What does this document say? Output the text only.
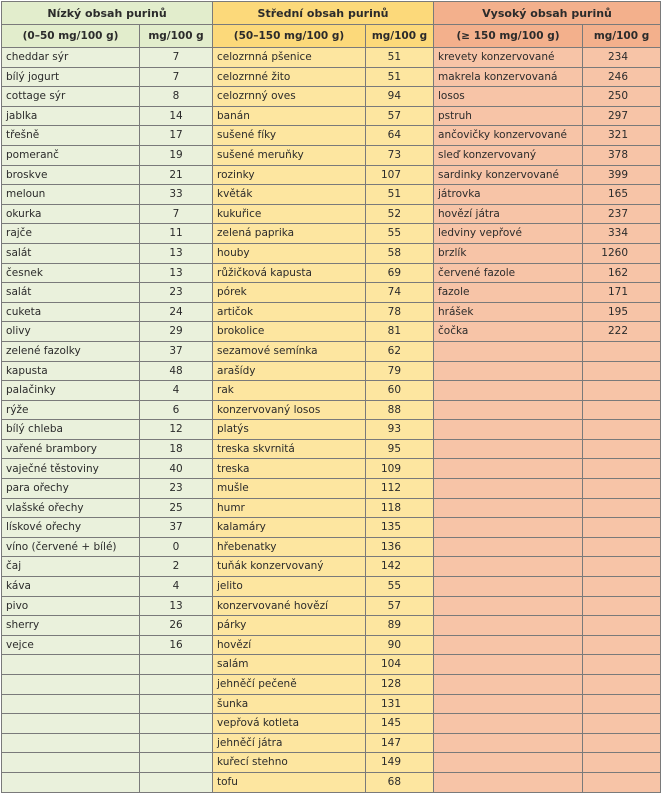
Nízký obsah purinů		Střední obsah purinů		Vysoký obsah purinů	
(0–50 mg/100 g)	mg/100 g	(50–150 mg/100 g)	mg/100 g	(≥ 150 mg/100 g)	mg/100 g
cheddar sýr	7	celozrnná pšenice	51	krevety konzervované	234
bílý jogurt	7	celozrnné žito	51	makrela konzervovaná	246
cottage sýr	8	celozrnný oves	94	losos	250
jablka	14	banán	57	pstruh	297
třešně	17	sušené fíky	64	ančovičky konzervované	321
pomeranč	19	sušené meruňky	73	sleď konzervovaný	378
broskve	21	rozinky	107	sardinky konzervované	399
meloun	33	květák	51	játrovka	165
okurka	7	kukuřice	52	hovězí játra	237
rajče	11	zelená paprika	55	ledviny vepřové	334
salát	13	houby	58	brzlík	1260
česnek	13	růžičková kapusta	69	červené fazole	162
salát	23	pórek	74	fazole	171
cuketa	24	artičok	78	hrášek	195
olivy	29	brokolice	81	čočka	222
zelené fazolky	37	sezamové semínka	62		
kapusta	48	arašídy	79		
palačinky	4	rak	60		
rýže	6	konzervovaný losos	88		
bílý chleba	12	platýs	93		
vařené brambory	18	treska skvrnitá	95		
vaječné těstoviny	40	treska	109		
para ořechy	23	mušle	112		
vlašské ořechy	25	humr	118		
lískové ořechy	37	kalamáry	135		
víno (červené + bílé)	0	hřebenatky	136		
čaj	2	tuňák konzervovaný	142		
káva	4	jelito	55		
pivo	13	konzervované hovězí	57		
sherry	26	párky	89		
vejce	16	hovězí	90		
		salám	104		
		jehněčí pečeně	128		
		šunka	131		
		vepřová kotleta	145		
		jehněčí játra	147		
		kuřecí stehno	149		
		tofu	68		
